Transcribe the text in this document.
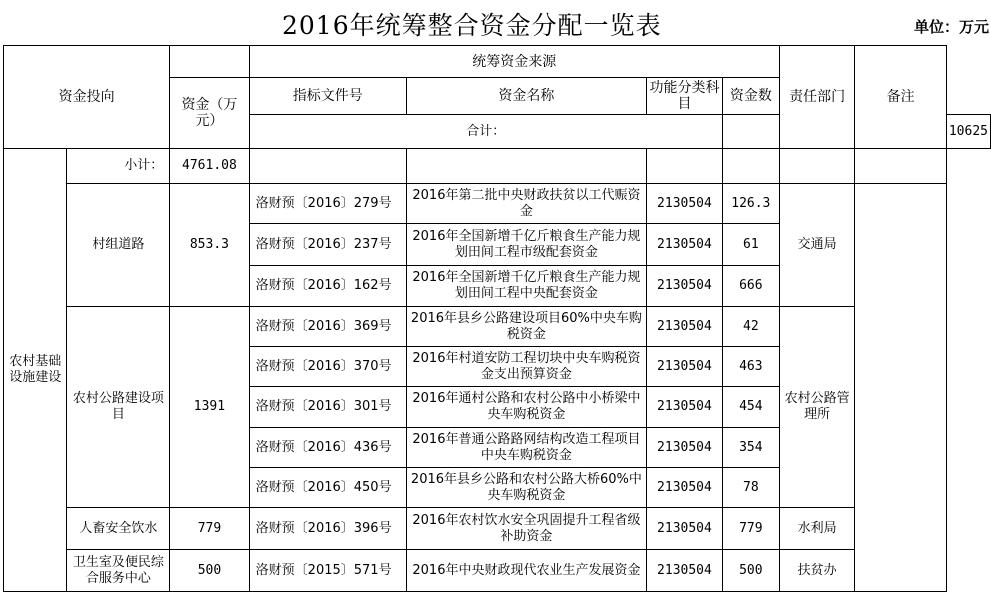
2016年统筹整合资金分配一览表	单位：万元
资金投向			统筹资金来源				责任部门	备注	
		资金（万元）	指标文件号	资金名称	功能分类科目	资金数			
			合计：						10625
农村基础设施建设	小计：	4761.08							
	村组道路	853.3	洛财预〔2016〕279号	2016年第二批中央财政扶贫以工代赈资金	2130504	126.3	交通局		
			洛财预〔2016〕237号	2016年全国新增千亿斤粮食生产能力规划田间工程市级配套资金	2130504	61			
			洛财预〔2016〕162号	2016年全国新增千亿斤粮食生产能力规划田间工程中央配套资金	2130504	666			
	农村公路建设项目	1391	洛财预〔2016〕369号	2016年县乡公路建设项目60%中央车购税资金	2130504	42	农村公路管理所		
			洛财预〔2016〕370号	2016年村道安防工程切块中央车购税资金支出预算资金	2130504	463			
			洛财预〔2016〕301号	2016年通村公路和农村公路中小桥梁中央车购税资金	2130504	454			
			洛财预〔2016〕436号	2016年普通公路路网结构改造工程项目中央车购税资金	2130504	354			
			洛财预〔2016〕450号	2016年县乡公路和农村公路大桥60%中央车购税资金	2130504	78			
	人畜安全饮水	779	洛财预〔2016〕396号	2016年农村饮水安全巩固提升工程省级补助资金	2130504	779	水利局		
	卫生室及便民综合服务中心	500	洛财预〔2015〕571号	2016年中央财政现代农业生产发展资金	2130504	500	扶贫办		
